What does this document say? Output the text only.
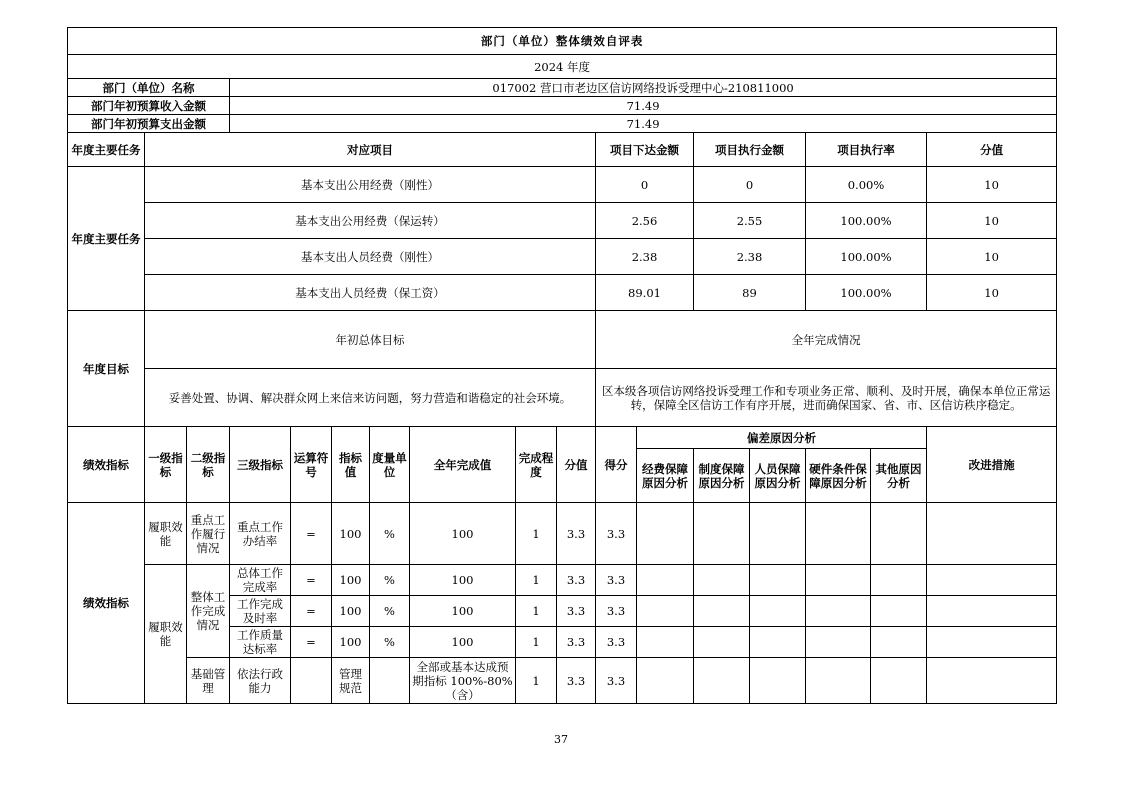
部门（单位）整体绩效自评表																	
2024 年度																	
部门（单位）名称			017002 营口市老边区信访网络投诉受理中心-210811000														
部门年初预算收入金额			71.49														
部门年初预算支出金额			71.49														
年度主要任务	对应项目									项目下达金额		项目执行金额		项目执行率		分值	
年度主要任务	基本支出公用经费（刚性）									0		0		0.00%		10	
	基本支出公用经费（保运转）									2.56		2.55		100.00%		10	
	基本支出人员经费（刚性）									2.38		2.38		100.00%		10	
	基本支出人员经费（保工资）									89.01		89		100.00%		10	
年度目标	年初总体目标									全年完成情况							
	妥善处置、协调、解决群众网上来信来访问题，努力营造和谐稳定的社会环境。									区本级各项信访网络投诉受理工作和专项业务正常、顺利、及时开展，确保本单位正常运转，保障全区信访工作有序开展，进而确保国家、省、市、区信访秩序稳定。							
绩效指标	一级指标	二级指标	三级指标	运算符号	指标值	度量单位	全年完成值	完成程度	分值	得分	偏差原因分析					改进措施	
											经费保障原因分析	制度保障原因分析	人员保障原因分析	硬件条件保障原因分析	其他原因分析		
绩效指标	履职效能	重点工作履行情况	重点工作办结率	=	100	%	100	1	3.3	3.3							
	履职效能	整体工作完成情况	总体工作完成率	=	100	%	100	1	3.3	3.3							
			工作完成及时率	=	100	%	100	1	3.3	3.3							
			工作质量达标率	=	100	%	100	1	3.3	3.3							
		基础管理	依法行政能力		管理规范		全部或基本达成预期指标 100%-80%（含）	1	3.3	3.3							
37
